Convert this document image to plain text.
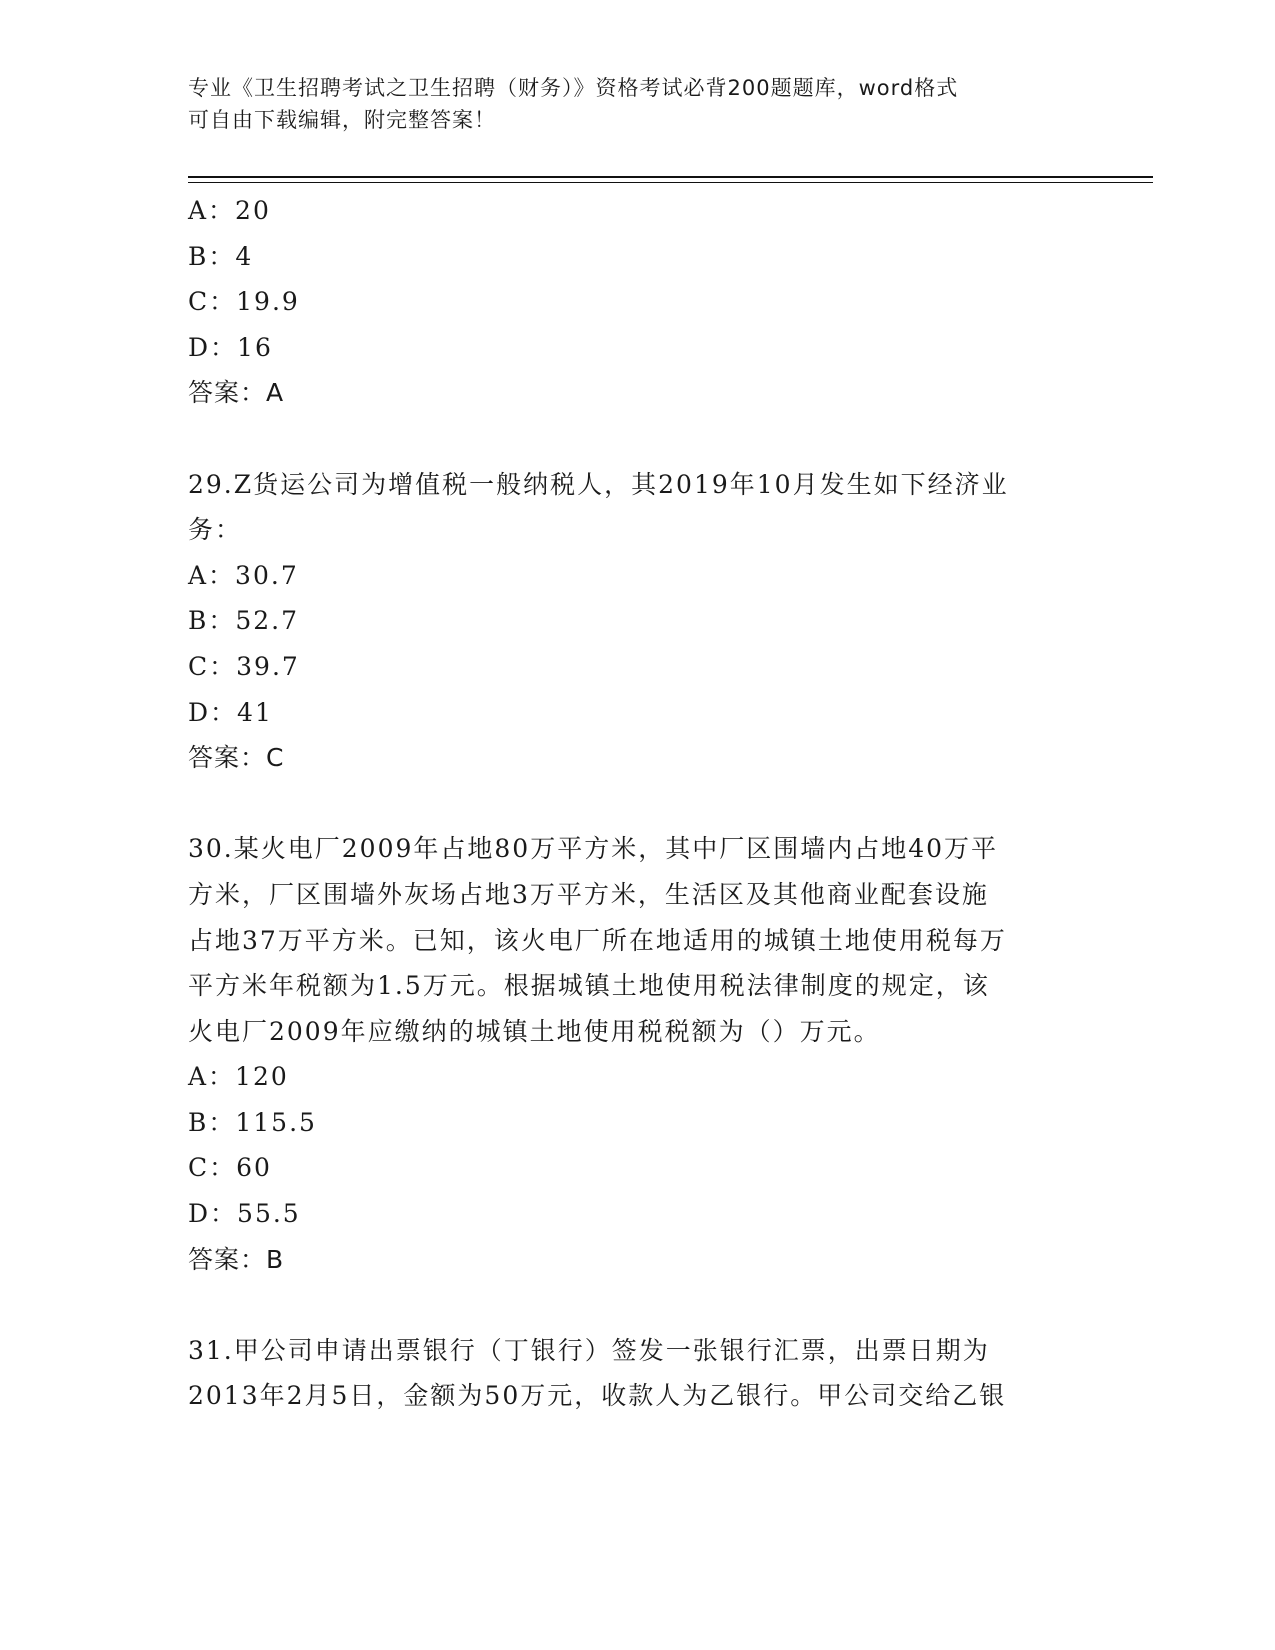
专业《卫生招聘考试之卫生招聘（财务）》资格考试必背200题题库，word格式
可自由下载编辑，附完整答案！
A：20
B：4
C：19.9
D：16
答案：A
29.Z货运公司为增值税一般纳税人，其2019年10月发生如下经济业
务：
A：30.7
B：52.7
C：39.7
D：41
答案：C
30.某火电厂2009年占地80万平方米，其中厂区围墙内占地40万平
方米，厂区围墙外灰场占地3万平方米，生活区及其他商业配套设施
占地37万平方米。已知，该火电厂所在地适用的城镇土地使用税每万
平方米年税额为1.5万元。根据城镇土地使用税法律制度的规定，该
火电厂2009年应缴纳的城镇土地使用税税额为（）万元。
A：120
B：115.5
C：60
D：55.5
答案：B
31.甲公司申请出票银行（丁银行）签发一张银行汇票，出票日期为
2013年2月5日，金额为50万元，收款人为乙银行。甲公司交给乙银
